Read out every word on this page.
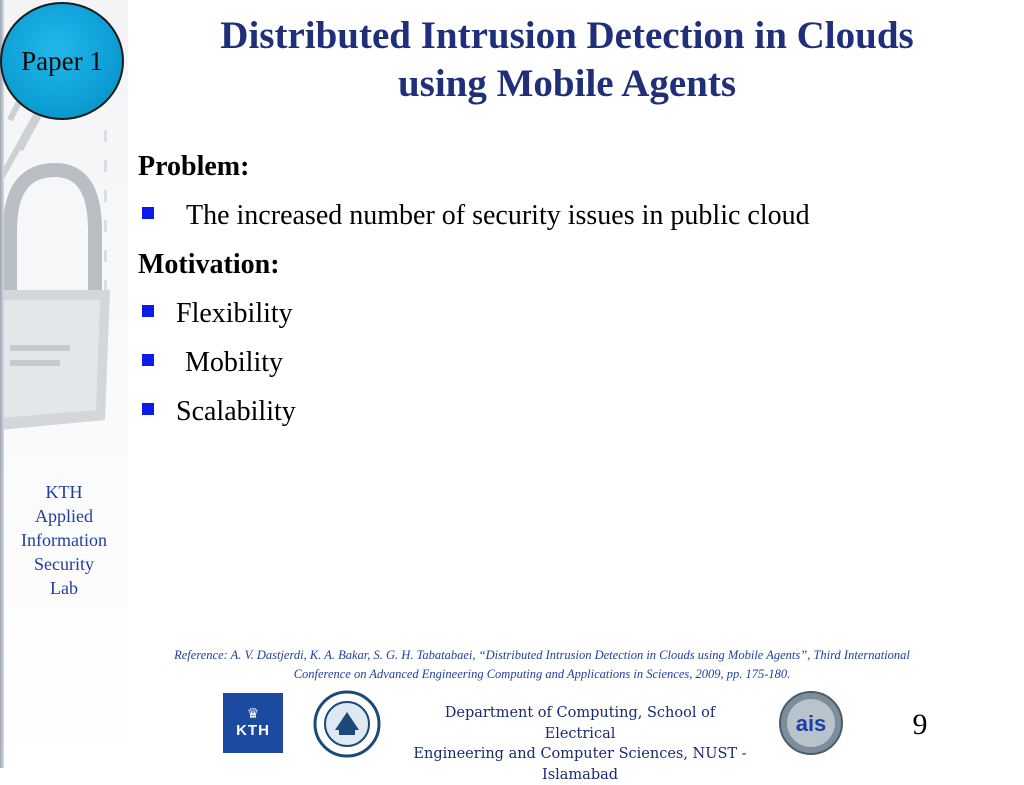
Paper 1
KTH
Applied
Information
Security
Lab
Distributed Intrusion Detection in Clouds
using Mobile Agents
Problem:
The increased number of security issues in public cloud
Motivation:
Flexibility
Mobility
Scalability
Reference: A. V. Dastjerdi, K. A. Bakar, S. G. H. Tabatabaei, “Distributed Intrusion Detection in Clouds using Mobile Agents”, Third International
Conference on Advanced Engineering Computing and Applications in Sciences, 2009, pp. 175-180.
♛
KTH
Department of Computing, School of Electrical
Engineering and Computer Sciences, NUST -
Islamabad
ais	9
